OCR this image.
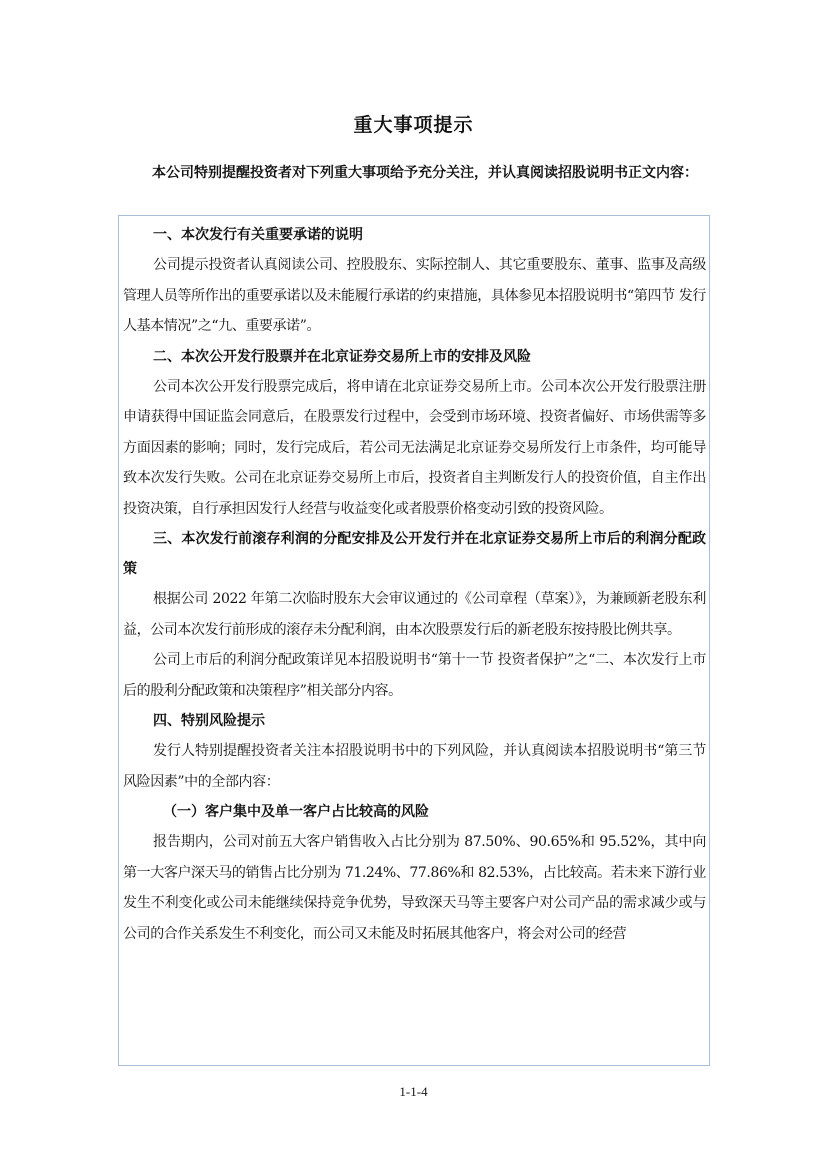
重大事项提示
本公司特别提醒投资者对下列重大事项给予充分关注，并认真阅读招股说明书正文内容：

一、本次发行有关重要承诺的说明

公司提示投资者认真阅读公司、控股股东、实际控制人、其它重要股东、董事、监事及高级管理人员等所作出的重要承诺以及未能履行承诺的约束措施，具体参见本招股说明书“第四节 发行人基本情况”之“九、重要承诺”。

二、本次公开发行股票并在北京证券交易所上市的安排及风险

公司本次公开发行股票完成后，将申请在北京证券交易所上市。公司本次公开发行股票注册申请获得中国证监会同意后，在股票发行过程中，会受到市场环境、投资者偏好、市场供需等多方面因素的影响；同时，发行完成后，若公司无法满足北京证券交易所发行上市条件，均可能导致本次发行失败。公司在北京证券交易所上市后，投资者自主判断发行人的投资价值，自主作出投资决策，自行承担因发行人经营与收益变化或者股票价格变动引致的投资风险。

三、本次发行前滚存利润的分配安排及公开发行并在北京证券交易所上市后的利润分配政策

根据公司 2022 年第二次临时股东大会审议通过的《公司章程（草案）》，为兼顾新老股东利益，公司本次发行前形成的滚存未分配利润，由本次股票发行后的新老股东按持股比例共享。

公司上市后的利润分配政策详见本招股说明书“第十一节 投资者保护”之“二、本次发行上市后的股利分配政策和决策程序”相关部分内容。

四、特别风险提示

发行人特别提醒投资者关注本招股说明书中的下列风险，并认真阅读本招股说明书“第三节 风险因素”中的全部内容：

（一）客户集中及单一客户占比较高的风险

报告期内，公司对前五大客户销售收入占比分别为 87.50%、90.65%和 95.52%，其中向第一大客户深天马的销售占比分别为 71.24%、77.86%和 82.53%，占比较高。若未来下游行业发生不利变化或公司未能继续保持竞争优势，导致深天马等主要客户对公司产品的需求减少或与公司的合作关系发生不利变化，而公司又未能及时拓展其他客户，将会对公司的经营

1-1-4
